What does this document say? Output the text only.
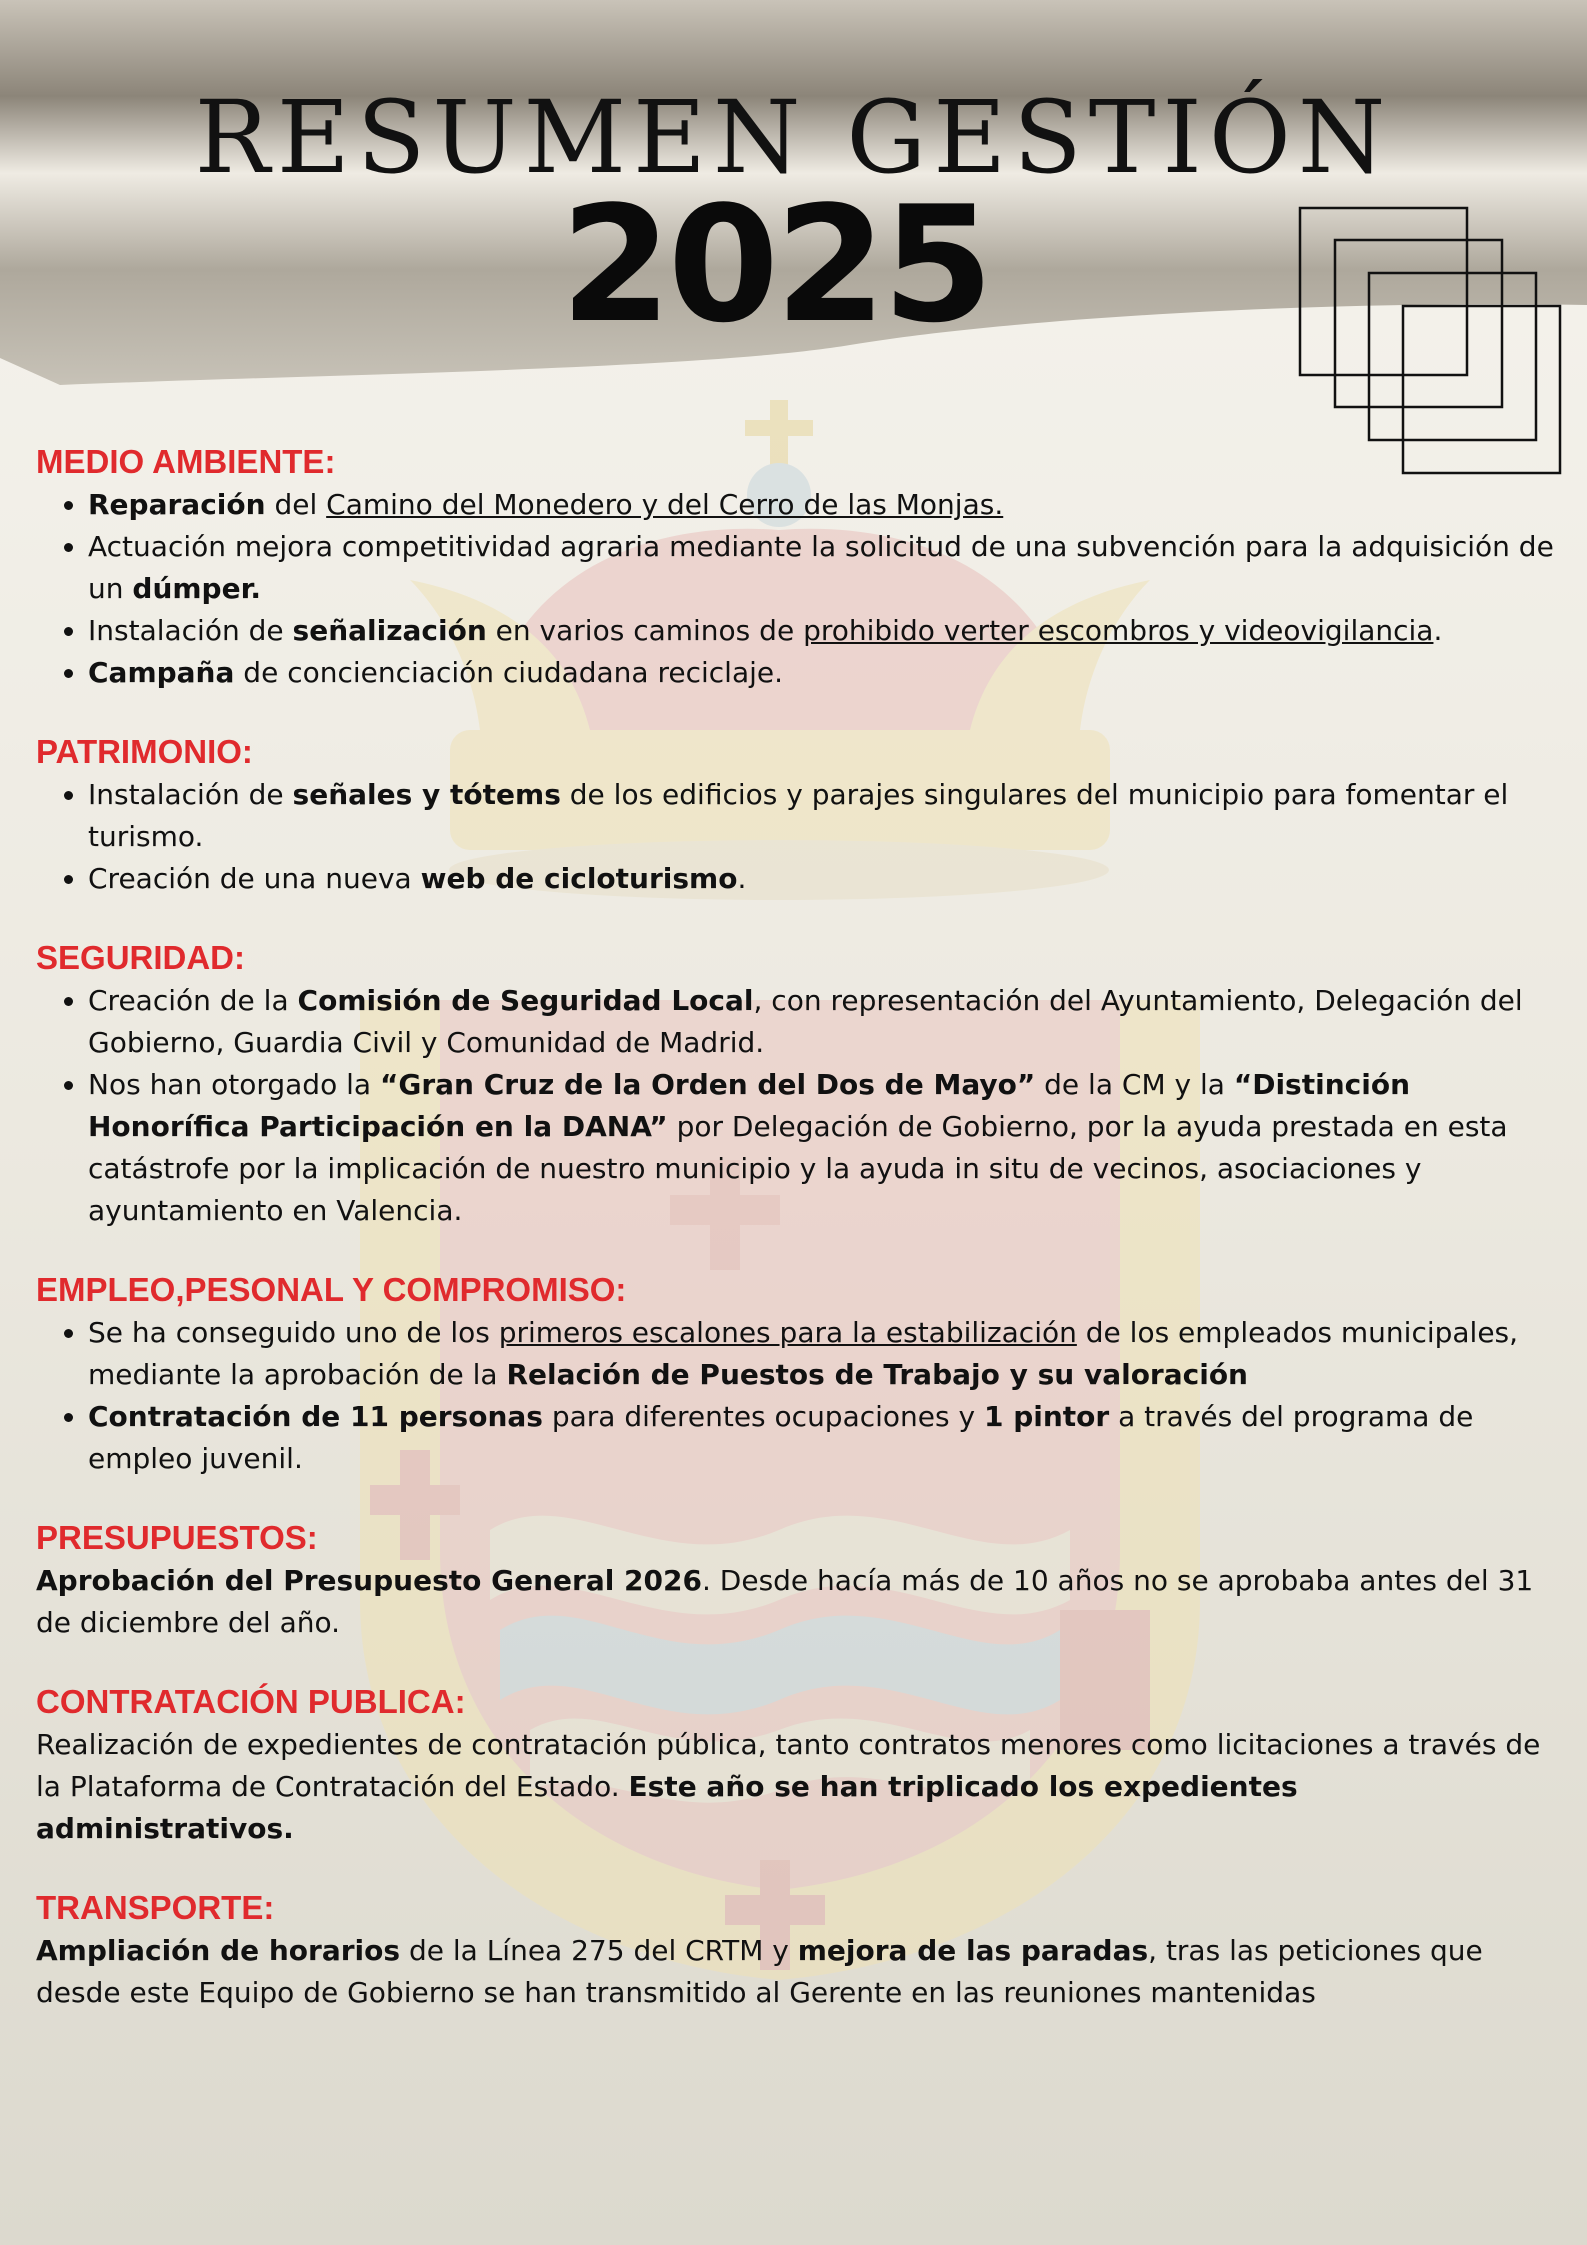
RESUMEN GESTIÓN
2025
MEDIO AMBIENTE:
• Reparación del Camino del Monedero y del Cerro de las Monjas.
• Actuación mejora competitividad agraria mediante la solicitud de una subvención para la adquisición de un dúmper.
• Instalación de señalización en varios caminos de prohibido verter escombros y videovigilancia.
• Campaña de concienciación ciudadana reciclaje.
PATRIMONIO:
• Instalación de señales y tótems de los edificios y parajes singulares del municipio para fomentar el turismo.
• Creación de una nueva web de cicloturismo.
SEGURIDAD:
• Creación de la Comisión de Seguridad Local, con representación del Ayuntamiento, Delegación del Gobierno, Guardia Civil y Comunidad de Madrid.
• Nos han otorgado la “Gran Cruz de la Orden del Dos de Mayo” de la CM y la “Distinción Honorífica Participación en la DANA” por Delegación de Gobierno, por la ayuda prestada en esta catástrofe por la implicación de nuestro municipio y la ayuda in situ de vecinos, asociaciones y ayuntamiento en Valencia.
EMPLEO,PESONAL Y COMPROMISO:
• Se ha conseguido uno de los primeros escalones para la estabilización de los empleados municipales, mediante la aprobación de la Relación de Puestos de Trabajo y su valoración
• Contratación de 11 personas para diferentes ocupaciones y 1 pintor a través del programa de empleo juvenil.
PRESUPUESTOS:

Aprobación del Presupuesto General 2026. Desde hacía más de 10 años no se aprobaba antes del 31 de diciembre del año.

CONTRATACIÓN PUBLICA:

Realización de expedientes de contratación pública, tanto contratos menores como licitaciones a través de la Plataforma de Contratación del Estado. Este año se han triplicado los expedientes administrativos.

TRANSPORTE:

Ampliación de horarios de la Línea 275 del CRTM y mejora de las paradas, tras las peticiones que desde este Equipo de Gobierno se han transmitido al Gerente en las reuniones mantenidas
